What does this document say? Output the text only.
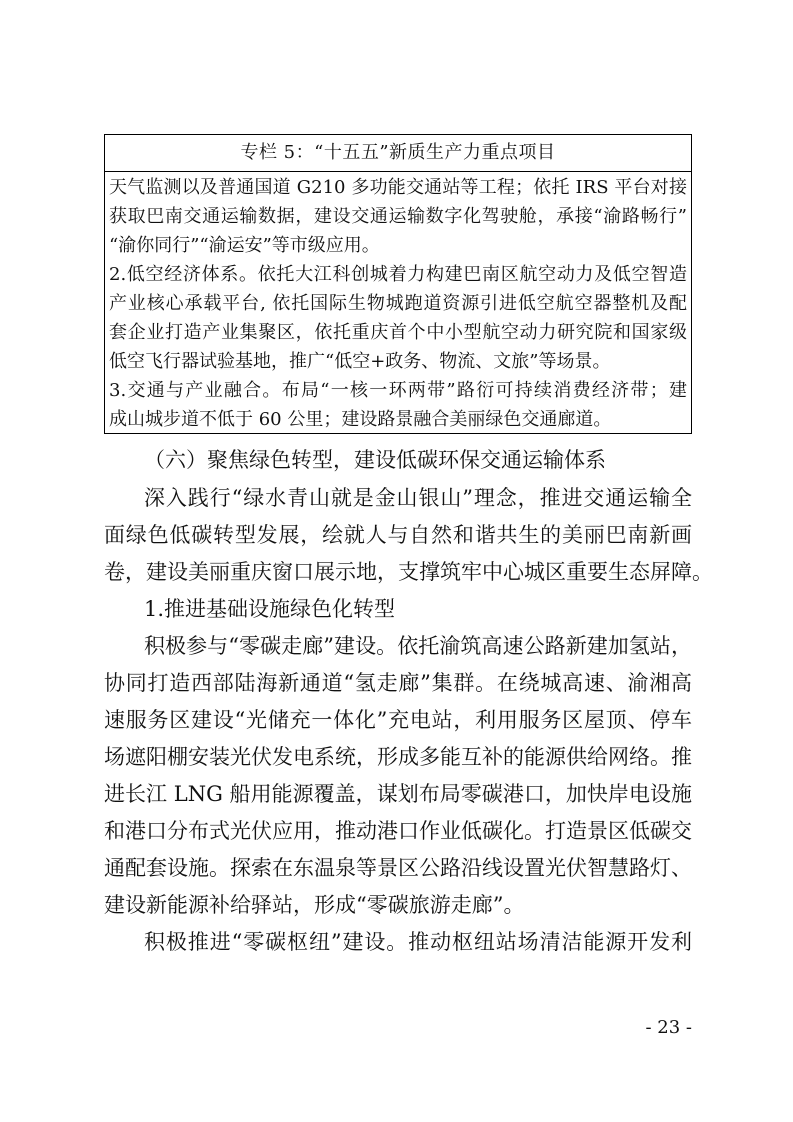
专栏 5：“十五五”新质生产力重点项目
天气监测以及普通国道 G210 多功能交通站等工程；依托 IRS 平台对接
获取巴南交通运输数据，建设交通运输数字化驾驶舱，承接“渝路畅行”
“渝你同行”“渝运安”等市级应用。
2.低空经济体系。依托大江科创城着力构建巴南区航空动力及低空智造
产业核心承载平台, 依托国际生物城跑道资源引进低空航空器整机及配
套企业打造产业集聚区，依托重庆首个中小型航空动力研究院和国家级
低空飞行器试验基地，推广“低空+政务、物流、文旅”等场景。
3.交通与产业融合。布局“一核一环两带”路衍可持续消费经济带；建
成山城步道不低于 60 公里；建设路景融合美丽绿色交通廊道。
（六）聚焦绿色转型，建设低碳环保交通运输体系
深入践行“绿水青山就是金山银山”理念，推进交通运输全
面绿色低碳转型发展，绘就人与自然和谐共生的美丽巴南新画
卷，建设美丽重庆窗口展示地，支撑筑牢中心城区重要生态屏障。
1.推进基础设施绿色化转型
积极参与“零碳走廊”建设。依托渝筑高速公路新建加氢站，
协同打造西部陆海新通道“氢走廊”集群。在绕城高速、渝湘高
速服务区建设“光储充一体化”充电站，利用服务区屋顶、停车
场遮阳棚安装光伏发电系统，形成多能互补的能源供给网络。推
进长江 LNG 船用能源覆盖，谋划布局零碳港口，加快岸电设施
和港口分布式光伏应用，推动港口作业低碳化。打造景区低碳交
通配套设施。探索在东温泉等景区公路沿线设置光伏智慧路灯、
建设新能源补给驿站，形成“零碳旅游走廊”。
积极推进“零碳枢纽”建设。推动枢纽站场清洁能源开发利
- 23 -
